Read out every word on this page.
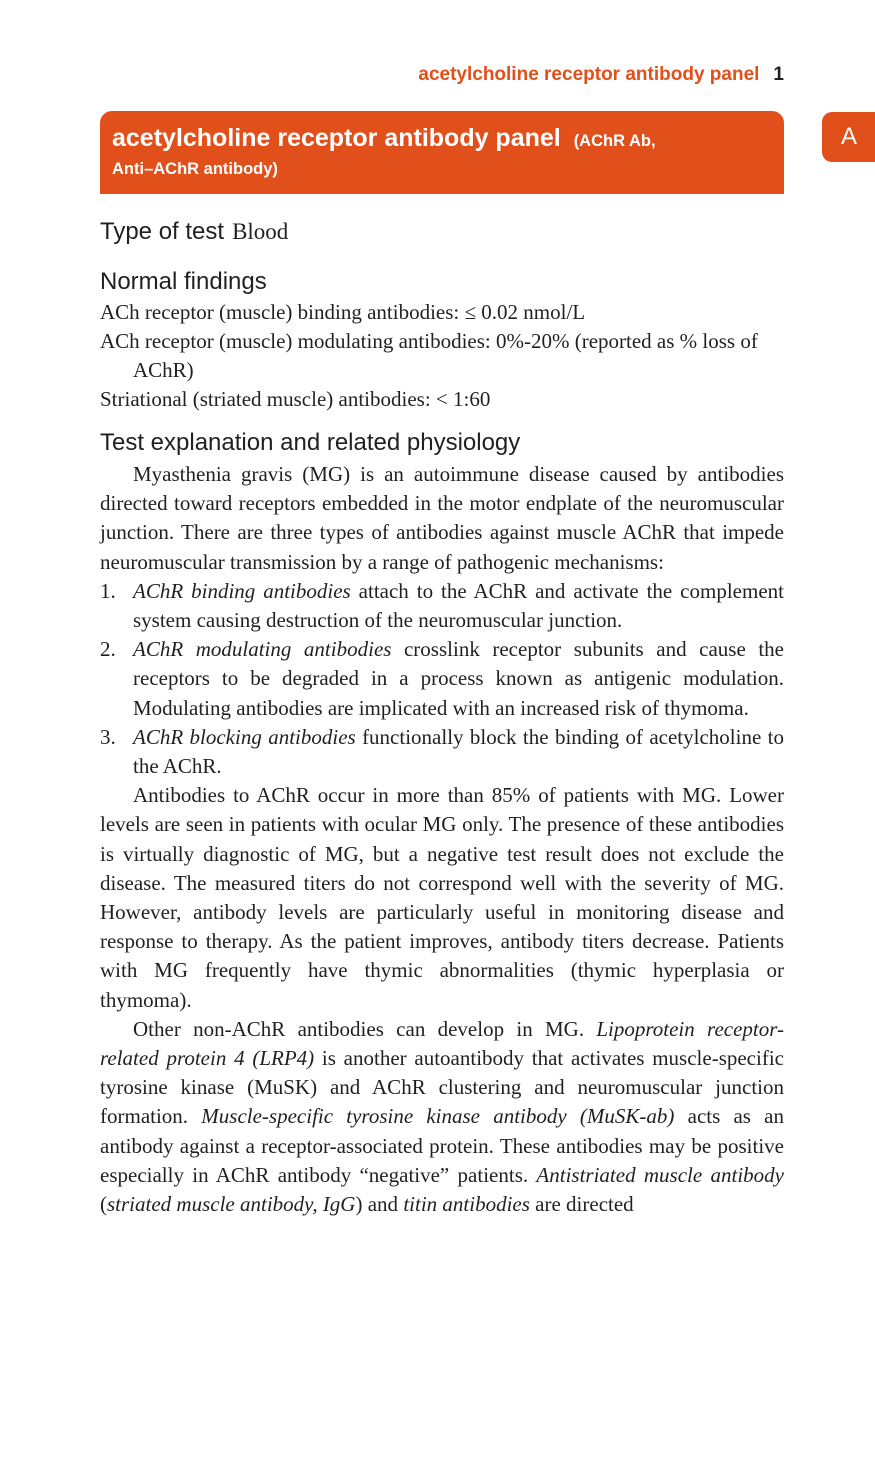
acetylcholine receptor antibody panel 1
A
acetylcholine receptor antibody panel (AChR Ab,
Anti–AChR antibody)

Type of test Blood

Normal findings

ACh receptor (muscle) binding antibodies: ≤ 0.02 nmol/L

ACh receptor (muscle) modulating antibodies: 0%-20% (reported as % loss of AChR)

Striational (striated muscle) antibodies: < 1:60

Test explanation and related physiology

Myasthenia gravis (MG) is an autoimmune disease caused by antibodies directed toward receptors embedded in the motor endplate of the neuromuscular junction. There are three types of antibodies against muscle AChR that impede neuromuscular transmission by a range of pathogenic mechanisms:

1. AChR binding antibodies attach to the AChR and activate the complement system causing destruction of the neuromuscular junction.
2. AChR modulating antibodies crosslink receptor subunits and cause the receptors to be degraded in a process known as antigenic modulation. Modulating antibodies are implicated with an increased risk of thymoma.
3. AChR blocking antibodies functionally block the binding of acetylcholine to the AChR.

Antibodies to AChR occur in more than 85% of patients with MG. Lower levels are seen in patients with ocular MG only. The presence of these antibodies is virtually diagnostic of MG, but a negative test result does not exclude the disease. The measured titers do not correspond well with the severity of MG. However, antibody levels are particularly useful in monitoring disease and response to therapy. As the patient improves, antibody titers decrease. Patients with MG frequently have thymic abnormalities (thymic hyperplasia or thymoma).

Other non-AChR antibodies can develop in MG. Lipoprotein receptor-related protein 4 (LRP4) is another autoantibody that activates muscle-specific tyrosine kinase (MuSK) and AChR clustering and neuromuscular junction formation. Muscle-specific tyrosine kinase antibody (MuSK-ab) acts as an antibody against a receptor-associated protein. These antibodies may be positive especially in AChR antibody “negative” patients. Antistriated muscle antibody (striated muscle antibody, IgG) and titin antibodies are directed
